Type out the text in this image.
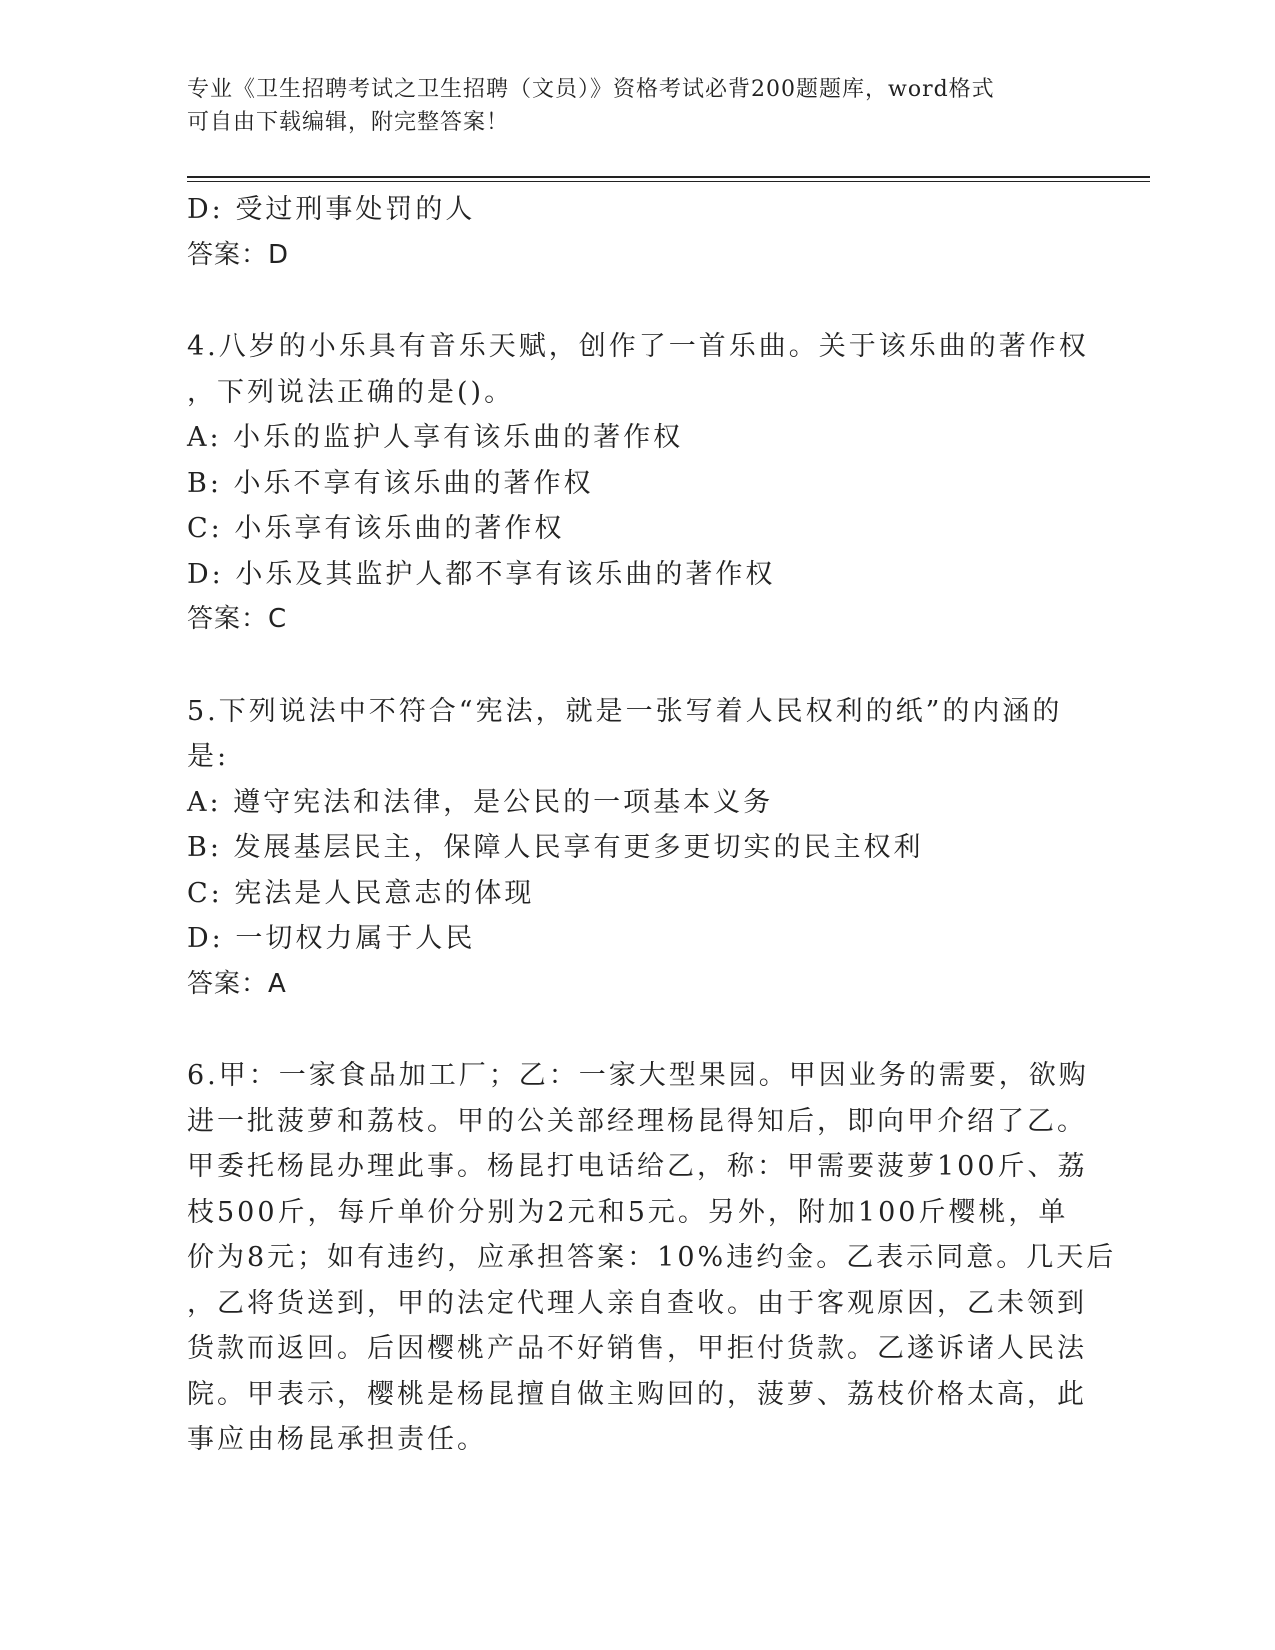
专业《卫生招聘考试之卫生招聘（文员）》资格考试必背200题题库，word格式
可自由下载编辑，附完整答案！
D: 受过刑事处罚的人
答案：D
4.八岁的小乐具有音乐天赋，创作了一首乐曲。关于该乐曲的著作权
，下列说法正确的是()。
A: 小乐的监护人享有该乐曲的著作权
B: 小乐不享有该乐曲的著作权
C: 小乐享有该乐曲的著作权
D: 小乐及其监护人都不享有该乐曲的著作权
答案：C
5.下列说法中不符合“宪法，就是一张写着人民权利的纸”的内涵的
是:
A: 遵守宪法和法律，是公民的一项基本义务
B: 发展基层民主，保障人民享有更多更切实的民主权利
C: 宪法是人民意志的体现
D: 一切权力属于人民
答案：A
6.甲：一家食品加工厂；乙：一家大型果园。甲因业务的需要，欲购
进一批菠萝和荔枝。甲的公关部经理杨昆得知后，即向甲介绍了乙。
甲委托杨昆办理此事。杨昆打电话给乙，称：甲需要菠萝100斤、荔
枝500斤，每斤单价分别为2元和5元。另外，附加100斤樱桃，单
价为8元；如有违约，应承担答案：10%违约金。乙表示同意。几天后
，乙将货送到，甲的法定代理人亲自查收。由于客观原因，乙未领到
货款而返回。后因樱桃产品不好销售，甲拒付货款。乙遂诉诸人民法
院。甲表示，樱桃是杨昆擅自做主购回的，菠萝、荔枝价格太高，此
事应由杨昆承担责任。
